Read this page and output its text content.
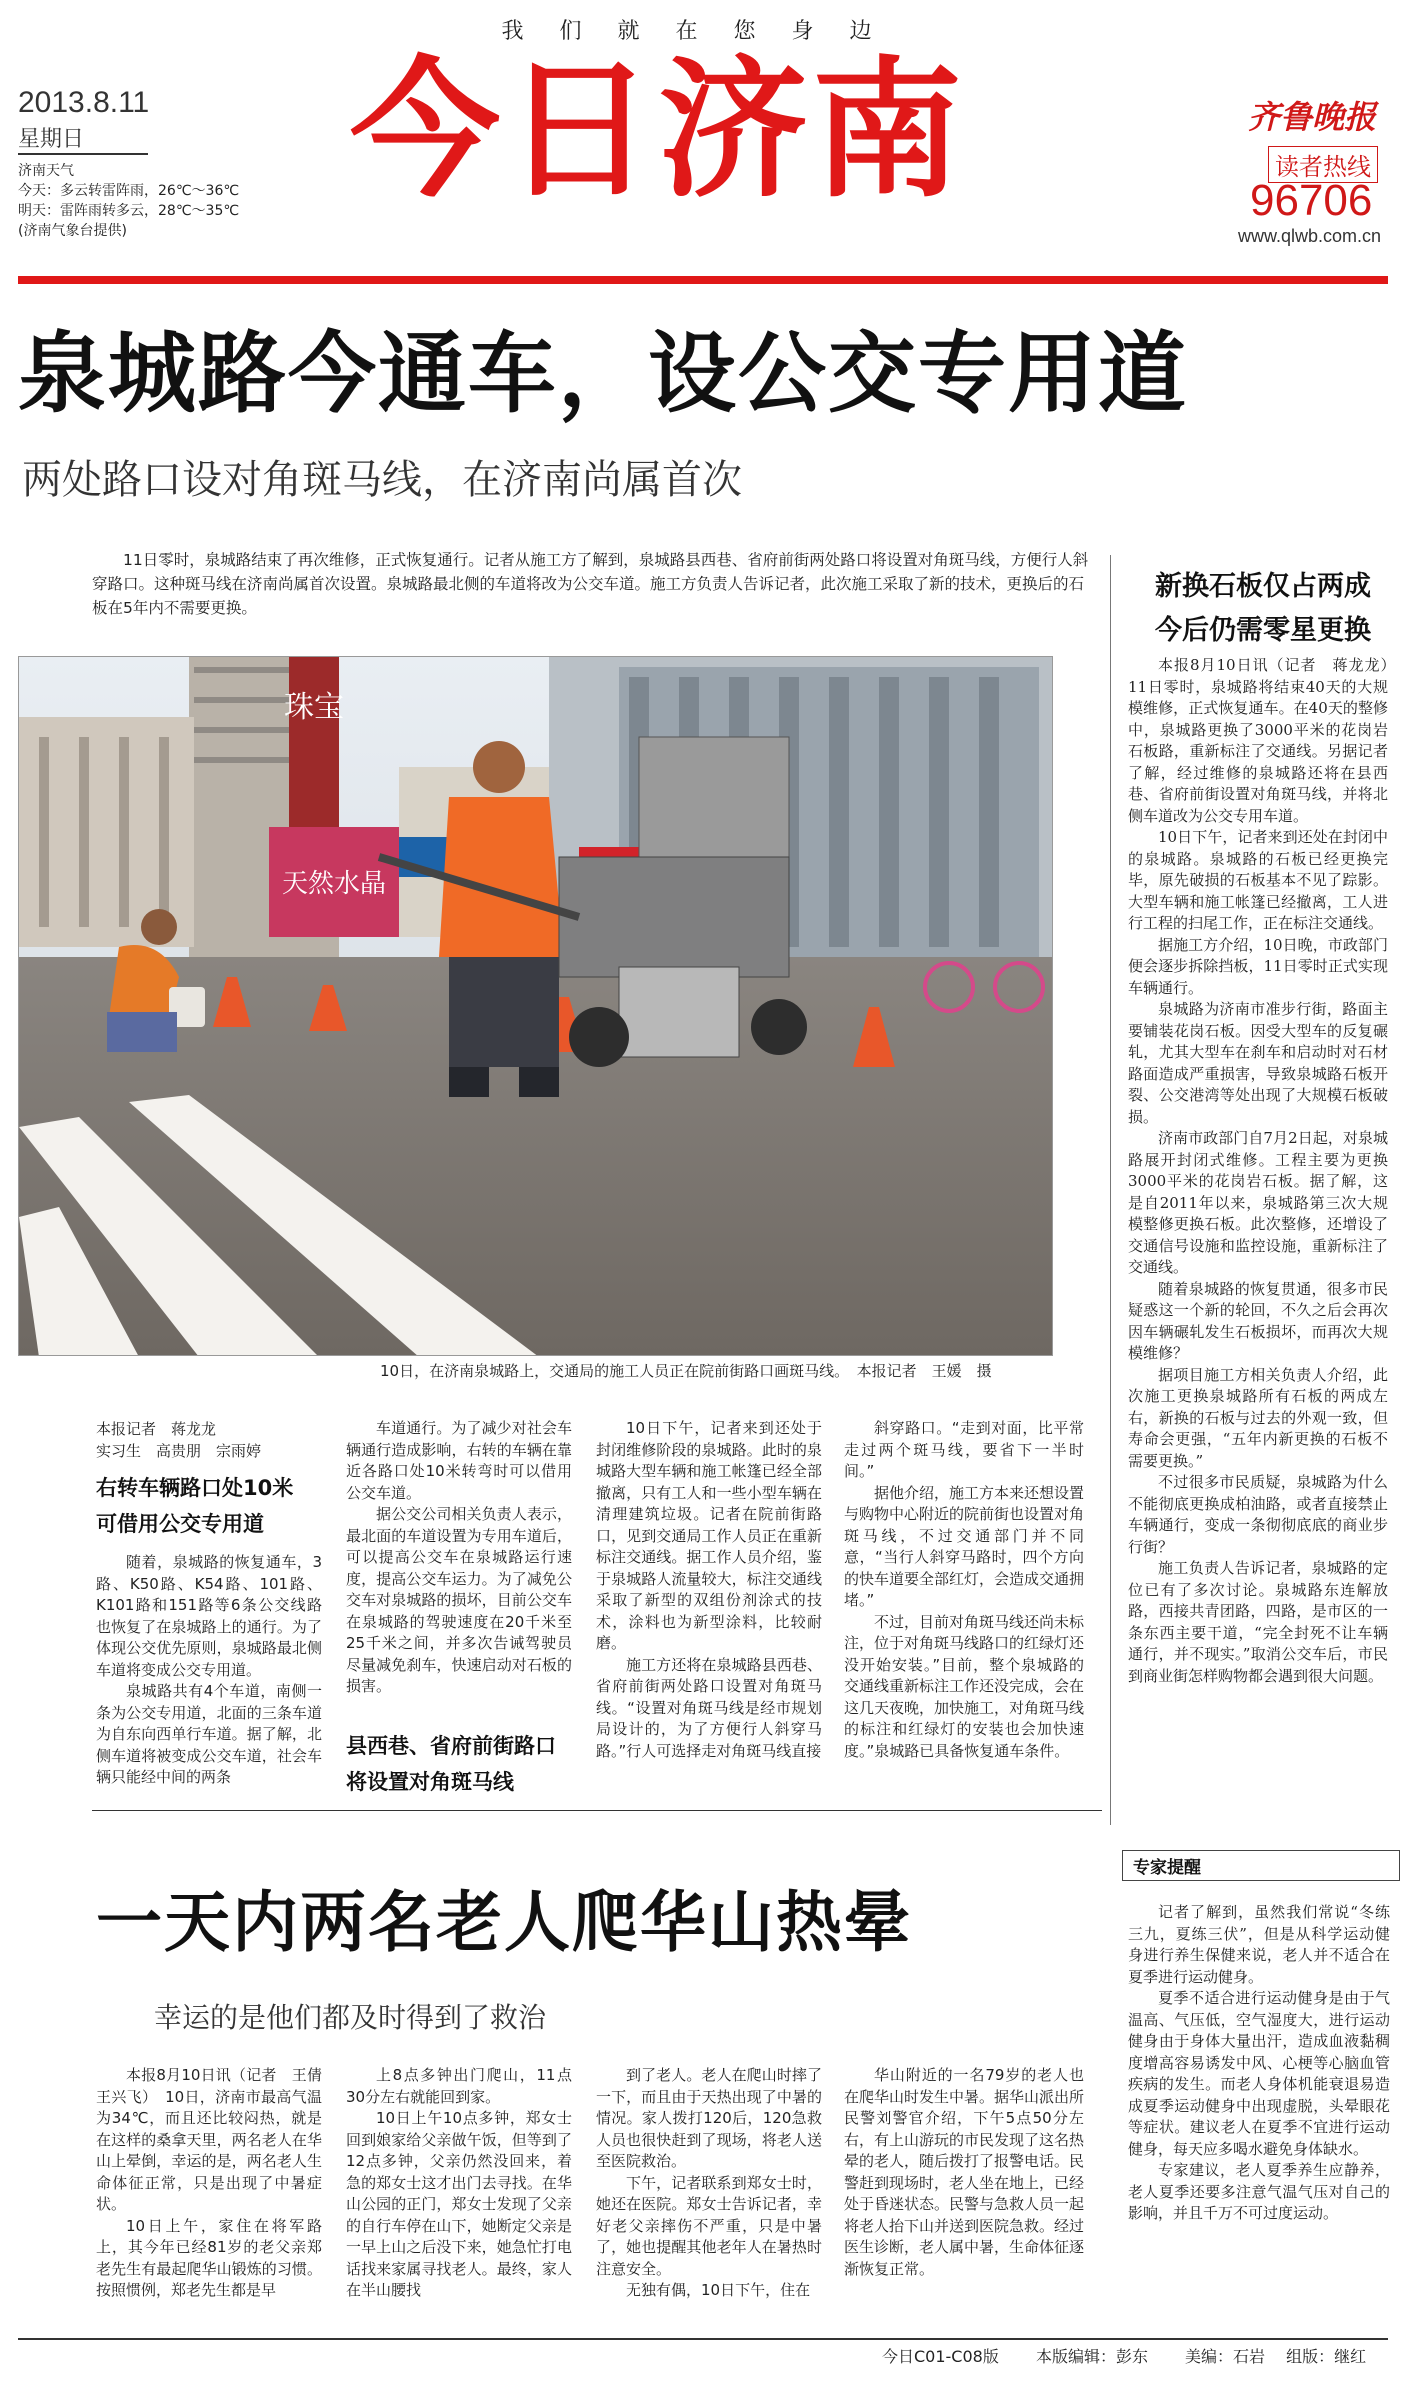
我们就在您身边
2013.8.11
星期日
济南天气
今天：多云转雷阵雨，26℃～36℃
明天：雷阵雨转多云，28℃～35℃
(济南气象台提供)
今日济南	齐鲁晚报
读者热线
96706
www.qlwb.com.cn
泉城路今通车，设公交专用道
两处路口设对角斑马线，在济南尚属首次
11日零时，泉城路结束了再次维修，正式恢复通行。记者从施工方了解到，泉城路县西巷、省府前街两处路口将设置对角斑马线，方便行人斜穿路口。这种斑马线在济南尚属首次设置。泉城路最北侧的车道将改为公交车道。施工方负责人告诉记者，此次施工采取了新的技术，更换后的石板在5年内不需要更换。
珠宝
天然水晶
10日，在济南泉城路上，交通局的施工人员正在院前街路口画斑马线。　本报记者　王媛　摄
本报记者　蒋龙龙
实习生　高贵朋　宗雨婷
右转车辆路口处10米
可借用公交专用道

随着，泉城路的恢复通车，3路、K50路、K54路、101路、K101路和151路等6条公交线路也恢复了在泉城路上的通行。为了体现公交优先原则，泉城路最北侧车道将变成公交专用道。

泉城路共有4个车道，南侧一条为公交专用道，北面的三条车道为自东向西单行车道。据了解，北侧车道将被变成公交车道，社会车辆只能经中间的两条

车道通行。为了减少对社会车辆通行造成影响，右转的车辆在靠近各路口处10米转弯时可以借用公交车道。

据公交公司相关负责人表示，最北面的车道设置为专用车道后，可以提高公交车在泉城路运行速度，提高公交车运力。为了减免公交车对泉城路的损坏，目前公交车在泉城路的驾驶速度在20千米至25千米之间，并多次告诫驾驶员尽量减免刹车，快速启动对石板的损害。

县西巷、省府前街路口
将设置对角斑马线

10日下午，记者来到还处于封闭维修阶段的泉城路。此时的泉城路大型车辆和施工帐篷已经全部撤离，只有工人和一些小型车辆在清理建筑垃圾。记者在院前街路口，见到交通局工作人员正在重新标注交通线。据工作人员介绍，鉴于泉城路人流量较大，标注交通线采取了新型的双组份剂涂式的技术，涂料也为新型涂料，比较耐磨。

施工方还将在泉城路县西巷、省府前街两处路口设置对角斑马线。“设置对角斑马线是经市规划局设计的，为了方便行人斜穿马路。”行人可选择走对角斑马线直接

斜穿路口。“走到对面，比平常走过两个斑马线，要省下一半时间。”

据他介绍，施工方本来还想设置与购物中心附近的院前街也设置对角斑马线，不过交通部门并不同意，“当行人斜穿马路时，四个方向的快车道要全部红灯，会造成交通拥堵。”

不过，目前对角斑马线还尚未标注，位于对角斑马线路口的红绿灯还没开始安装。”目前，整个泉城路的交通线重新标注工作还没完成，会在这几天夜晚，加快施工，对角斑马线的标注和红绿灯的安装也会加快速度。”泉城路已具备恢复通车条件。

新换石板仅占两成
今后仍需零星更换

本报8月10日讯（记者　蒋龙龙）　11日零时，泉城路将结束40天的大规模维修，正式恢复通车。在40天的整修中，泉城路更换了3000平米的花岗岩石板路，重新标注了交通线。另据记者了解，经过维修的泉城路还将在县西巷、省府前街设置对角斑马线，并将北侧车道改为公交专用车道。

10日下午，记者来到还处在封闭中的泉城路。泉城路的石板已经更换完毕，原先破损的石板基本不见了踪影。大型车辆和施工帐篷已经撤离，工人进行工程的扫尾工作，正在标注交通线。

据施工方介绍，10日晚，市政部门便会逐步拆除挡板，11日零时正式实现车辆通行。

泉城路为济南市准步行街，路面主要铺装花岗石板。因受大型车的反复碾轧，尤其大型车在刹车和启动时对石材路面造成严重损害，导致泉城路石板开裂、公交港湾等处出现了大规模石板破损。

济南市政部门自7月2日起，对泉城路展开封闭式维修。工程主要为更换3000平米的花岗岩石板。据了解，这是自2011年以来，泉城路第三次大规模整修更换石板。此次整修，还增设了交通信号设施和监控设施，重新标注了交通线。

随着泉城路的恢复贯通，很多市民疑惑这一个新的轮回，不久之后会再次因车辆碾轧发生石板损坏，而再次大规模维修？

据项目施工方相关负责人介绍，此次施工更换泉城路所有石板的两成左右，新换的石板与过去的外观一致，但寿命会更强，“五年内新更换的石板不需要更换。”

不过很多市民质疑，泉城路为什么不能彻底更换成柏油路，或者直接禁止车辆通行，变成一条彻彻底底的商业步行街？

施工负责人告诉记者，泉城路的定位已有了多次讨论。泉城路东连解放路，西接共青团路，四路，是市区的一条东西主要干道，“完全封死不让车辆通行，并不现实。”取消公交车后，市民到商业街怎样购物都会遇到很大问题。

一天内两名老人爬华山热晕
幸运的是他们都及时得到了救治

本报8月10日讯（记者　王倩　王兴飞）　10日，济南市最高气温为34℃，而且还比较闷热，就是在这样的桑拿天里，两名老人在华山上晕倒，幸运的是，两名老人生命体征正常，只是出现了中暑症状。

10日上午，家住在将军路上，其今年已经81岁的老父亲郑老先生有最起爬华山锻炼的习惯。按照惯例，郑老先生都是早

上8点多钟出门爬山，11点30分左右就能回到家。

10日上午10点多钟，郑女士回到娘家给父亲做午饭，但等到了12点多钟，父亲仍然没回来，着急的郑女士这才出门去寻找。在华山公园的正门，郑女士发现了父亲的自行车停在山下，她断定父亲是一早上山之后没下来，她急忙打电话找来家属寻找老人。最终，家人在半山腰找

到了老人。老人在爬山时摔了一下，而且由于天热出现了中暑的情况。家人拨打120后，120急救人员也很快赶到了现场，将老人送至医院救治。

下午，记者联系到郑女士时，她还在医院。郑女士告诉记者，幸好老父亲摔伤不严重，只是中暑了，她也提醒其他老年人在暑热时注意安全。

无独有偶，10日下午，住在

华山附近的一名79岁的老人也在爬华山时发生中暑。据华山派出所民警刘警官介绍，下午5点50分左右，有上山游玩的市民发现了这名热晕的老人，随后拨打了报警电话。民警赶到现场时，老人坐在地上，已经处于昏迷状态。民警与急救人员一起将老人抬下山并送到医院急救。经过医生诊断，老人属中暑，生命体征逐渐恢复正常。

专家提醒

记者了解到，虽然我们常说“冬练三九，夏练三伏”，但是从科学运动健身进行养生保健来说，老人并不适合在夏季进行运动健身。

夏季不适合进行运动健身是由于气温高、气压低，空气湿度大，进行运动健身由于身体大量出汗，造成血液黏稠度增高容易诱发中风、心梗等心脑血管疾病的发生。而老人身体机能衰退易造成夏季运动健身中出现虚脱，头晕眼花等症状。建议老人在夏季不宜进行运动健身，每天应多喝水避免身体缺水。

专家建议，老人夏季养生应静养，老人夏季还要多注意气温气压对自己的影响，并且千万不可过度运动。

今日C01-C08版　　 本版编辑：彭东　　 美编：石岩　 组版：继红
